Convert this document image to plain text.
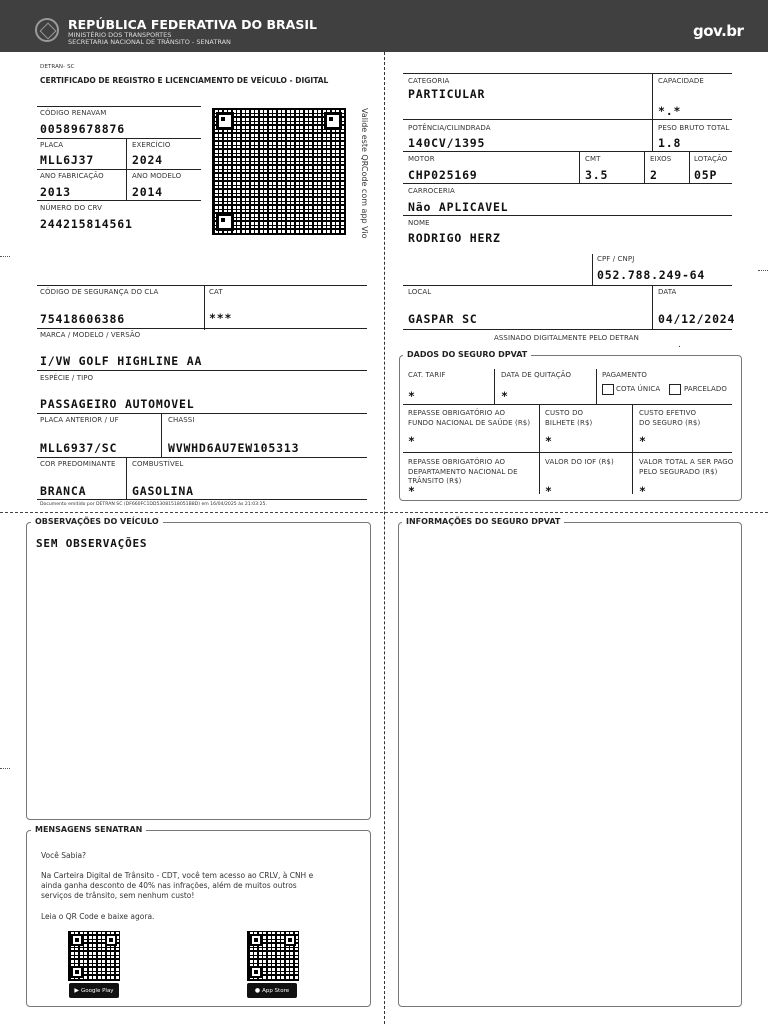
REPÚBLICA FEDERATIVA DO BRASIL
MINISTÉRIO DOS TRANSPORTES
SECRETARIA NACIONAL DE TRÂNSITO - SENATRAN
gov.br
DETRAN- SC
CERTIFICADO DE REGISTRO E LICENCIAMENTO DE VEÍCULO - DIGITAL
CÓDIGO RENAVAM
00589678876
PLACA
MLL6J37
EXERCÍCIO
2024
ANO FABRICAÇÃO
2013
ANO MODELO
2014
NÚMERO DO CRV
244215814561	Valide este QRCode com app Vio
CÓDIGO DE SEGURANÇA DO CLA
75418606386
CAT
***
MARCA / MODELO / VERSÃO
I/VW GOLF HIGHLINE AA
ESPÉCIE / TIPO
PASSAGEIRO AUTOMOVEL
PLACA ANTERIOR / UF
MLL6937/SC
CHASSI
WVWHD6AU7EW105313
COR PREDOMINANTE
BRANCA
COMBUSTÍVEL
GASOLINA
Documento emitido por DETRAN SC (DF660FC1DD53081518051B8D) em 16/04/2025 às 21:03:25.
CATEGORIA
PARTICULAR
CAPACIDADE
*.*
POTÊNCIA/CILINDRADA
140CV/1395
PESO BRUTO TOTAL
1.8
MOTOR
CHP025169
CMT
3.5
EIXOS
2
LOTAÇÃO
05P
CARROCERIA
Não APLICAVEL
NOME
RODRIGO HERZ
CPF / CNPJ
052.788.249-64
LOCAL
GASPAR SC
DATA
04/12/2024
ASSINADO DIGITALMENTE PELO DETRAN
.
DADOS DO SEGURO DPVAT
CAT. TARIF
*
DATA DE QUITAÇÃO
*
PAGAMENTO
COTA ÚNICA	PARCELADO
REPASSE OBRIGATÓRIO AO
FUNDO NACIONAL DE SAÚDE (R$)
*
CUSTO DO
BILHETE (R$)
*
CUSTO EFETIVO
DO SEGURO (R$)
*
REPASSE OBRIGATÓRIO AO
DEPARTAMENTO NACIONAL DE
TRÂNSITO (R$)
*
VALOR DO IOF (R$)
*
VALOR TOTAL A SER PAGO
PELO SEGURADO (R$)
*
OBSERVAÇÕES DO VEÍCULO
SEM OBSERVAÇÕES
INFORMAÇÕES DO SEGURO DPVAT
MENSAGENS SENATRAN
Você Sabia?
Na Carteira Digital de Trânsito - CDT, você tem acesso ao CRLV, à CNH e
ainda ganha desconto de 40% nas infrações, além de muitos outros
serviços de trânsito, sem nenhum custo!
Leia o QR Code e baixe agora.
▶ Google Play	● App Store
